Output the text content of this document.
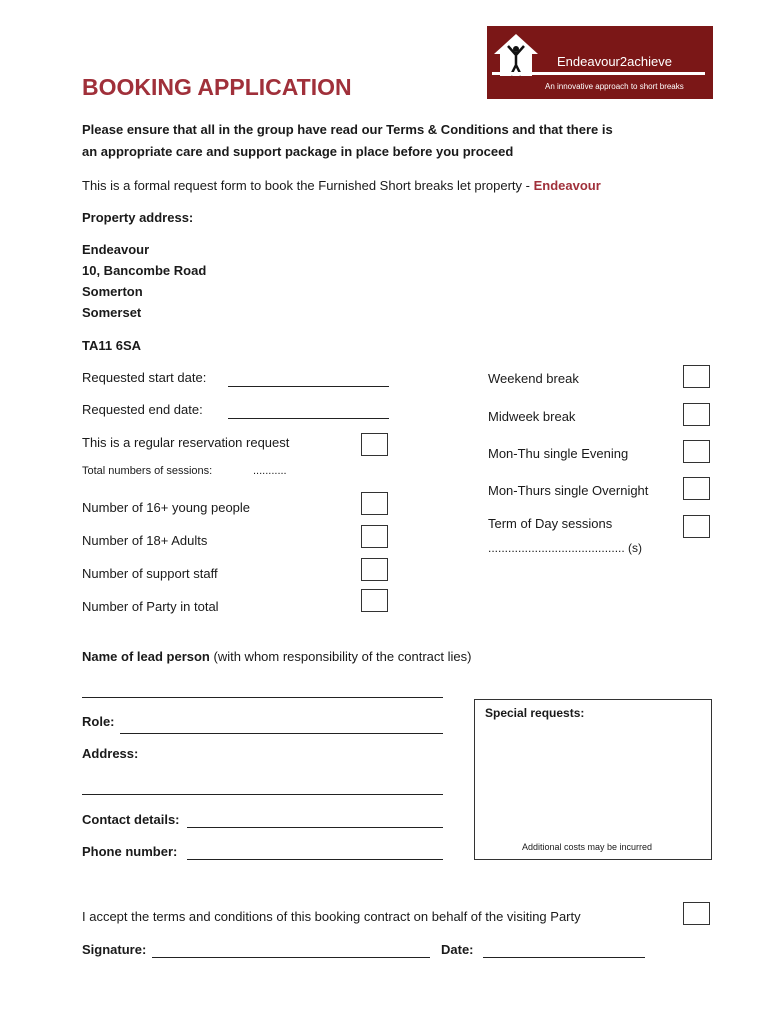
Endeavour2achieve
An innovative approach to short breaks
BOOKING APPLICATION
Please ensure that all in the group have read our Terms & Conditions and that there is
an appropriate care and support package in place before you proceed
This is a formal request form to book the Furnished Short breaks let property - Endeavour
Property address:
Endeavour
10, Bancombe Road
Somerton
Somerset
TA11 6SA
Requested start date:
Requested end date:
This is a regular reservation request
Total numbers of sessions:	...........
Number of 16+ young people
Number of 18+ Adults
Number of support staff
Number of Party in total
Weekend break
Midweek break
Mon-Thu single Evening
Mon-Thurs single Overnight
Term of Day sessions
......................................... (s)
Name of lead person (with whom responsibility of the contract lies)
Role:
Address:
Contact details:
Phone number:
Special requests:
Additional costs may be incurred
I accept the terms and conditions of this booking contract on behalf of the visiting Party
Signature:	Date:
